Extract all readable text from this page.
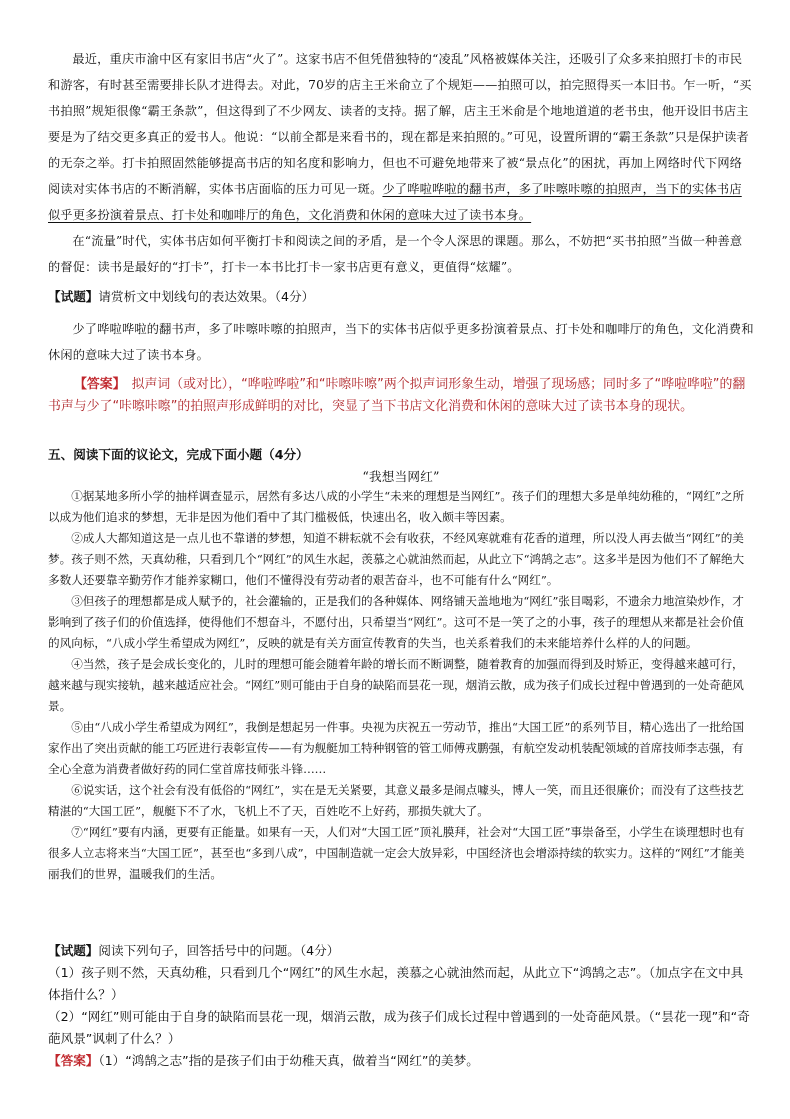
最近，重庆市渝中区有家旧书店“火了”。这家书店不但凭借独特的“凌乱”风格被媒体关注，还吸引了众多来拍照打卡的市民和游客，有时甚至需要排长队才进得去。对此，70岁的店主王米俞立了个规矩——拍照可以，拍完照得买一本旧书。乍一听，“买书拍照”规矩很像“霸王条款”，但这得到了不少网友、读者的支持。据了解，店主王米俞是个地地道道的老书虫，他开设旧书店主要是为了结交更多真正的爱书人。他说：“以前全都是来看书的，现在都是来拍照的。”可见，设置所谓的“霸王条款”只是保护读者的无奈之举。打卡拍照固然能够提高书店的知名度和影响力，但也不可避免地带来了被“景点化”的困扰，再加上网络时代下网络阅读对实体书店的不断消解，实体书店面临的压力可见一斑。少了哗啦哗啦的翻书声，多了咔嚓咔嚓的拍照声，当下的实体书店似乎更多扮演着景点、打卡处和咖啡厅的角色，文化消费和休闲的意味大过了读书本身。

在“流量”时代，实体书店如何平衡打卡和阅读之间的矛盾，是一个令人深思的课题。那么，不妨把“买书拍照”当做一种善意的督促：读书是最好的“打卡”，打卡一本书比打卡一家书店更有意义，更值得“炫耀”。

【试题】请赏析文中划线句的表达效果。（4分）

少了哗啦哗啦的翻书声，多了咔嚓咔嚓的拍照声，当下的实体书店似乎更多扮演着景点、打卡处和咖啡厅的角色，文化消费和休闲的意味大过了读书本身。

【答案】 拟声词（或对比），“哗啦哗啦”和“咔嚓咔嚓”两个拟声词形象生动，增强了现场感；同时多了“哗啦哗啦”的翻书声与少了“咔嚓咔嚓”的拍照声形成鲜明的对比，突显了当下书店文化消费和休闲的意味大过了读书本身的现状。
五、阅读下面的议论文，完成下面小题（4分）
“我想当网红”

①据某地多所小学的抽样调查显示，居然有多达八成的小学生“未来的理想是当网红”。孩子们的理想大多是单纯幼稚的，“网红”之所以成为他们追求的梦想，无非是因为他们看中了其门槛极低，快速出名，收入颇丰等因素。

②成人大都知道这是一点儿也不靠谱的梦想，知道不耕耘就不会有收获，不经风寒就难有花香的道理，所以没人再去做当“网红”的美梦。孩子则不然，天真幼稚，只看到几个“网红”的风生水起，羡慕之心就油然而起，从此立下“鸿鹄之志”。这多半是因为他们不了解绝大多数人还要靠辛勤劳作才能养家糊口，他们不懂得没有劳动者的艰苦奋斗，也不可能有什么“网红”。

③但孩子的理想都是成人赋予的，社会灌输的，正是我们的各种媒体、网络铺天盖地地为“网红”张目喝彩，不遗余力地渲染炒作，才影响到了孩子们的价值选择，使得他们不想奋斗，不愿付出，只希望当“网红”。这可不是一笑了之的小事，孩子的理想从来都是社会价值的风向标，“八成小学生希望成为网红”，反映的就是有关方面宣传教育的失当，也关系着我们的未来能培养什么样的人的问题。

④当然，孩子是会成长变化的，儿时的理想可能会随着年龄的增长而不断调整，随着教育的加强而得到及时矫正，变得越来越可行，越来越与现实接轨，越来越适应社会。“网红”则可能由于自身的缺陷而昙花一现，烟消云散，成为孩子们成长过程中曾遇到的一处奇葩风景。

⑤由“八成小学生希望成为网红”，我倒是想起另一件事。央视为庆祝五一劳动节，推出“大国工匠”的系列节目，精心选出了一批给国家作出了突出贡献的能工巧匠进行表彰宣传——有为舰艇加工特种钢管的管工师傅戎鹏强，有航空发动机装配领域的首席技师李志强，有全心全意为消费者做好药的同仁堂首席技师张斗锋……

⑥说实话，这个社会有没有低俗的“网红”，实在是无关紧要，其意义最多是闹点噱头，博人一笑，而且还很廉价；而没有了这些技艺精湛的“大国工匠”，舰艇下不了水，飞机上不了天，百姓吃不上好药，那损失就大了。

⑦“网红”要有内涵，更要有正能量。如果有一天，人们对“大国工匠”顶礼膜拜，社会对“大国工匠”事崇备至，小学生在谈理想时也有很多人立志将来当“大国工匠”，甚至也“多到八成”，中国制造就一定会大放异彩，中国经济也会增添持续的软实力。这样的“网红”才能美丽我们的世界，温暖我们的生活。

【试题】阅读下列句子，回答括号中的问题。（4分）
（1）孩子则不然，天真幼稚，只看到几个“网红”的风生水起，羡慕之心就油然而起，从此立下“鸿鹄之志”。（加点字在文中具体指什么？）
（2）“网红”则可能由于自身的缺陷而昙花一现，烟消云散，成为孩子们成长过程中曾遇到的一处奇葩风景。（“昙花一现”和“奇葩风景”讽刺了什么？）
【答案】（1）“鸿鹄之志”指的是孩子们由于幼稚天真，做着当“网红”的美梦。
